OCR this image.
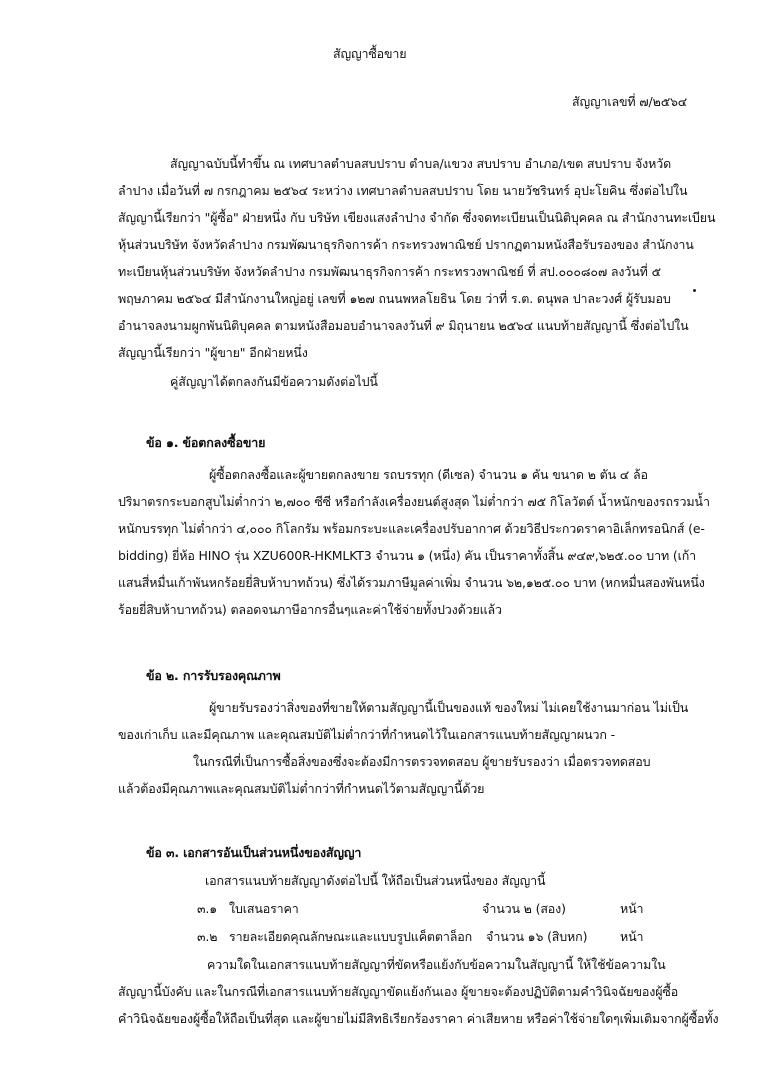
สัญญาซื้อขาย

สัญญาเลขที่ ๗/๒๕๖๔

สัญญาฉบับนี้ทำขึ้น ณ เทศบาลตำบลสบปราบ ตำบล/แขวง สบปราบ อำเภอ/เขต สบปราบ จังหวัด

ลำปาง เมื่อวันที่ ๗ กรกฎาคม ๒๕๖๔ ระหว่าง เทศบาลตำบลสบปราบ โดย นายวัชรินทร์ อุปะโยคิน ซึ่งต่อไปใน

สัญญานี้เรียกว่า "ผู้ซื้อ" ฝ่ายหนึ่ง กับ บริษัท เขียงแสงลำปาง จำกัด ซึ่งจดทะเบียนเป็นนิติบุคคล ณ สำนักงานทะเบียน

หุ้นส่วนบริษัท จังหวัดลำปาง กรมพัฒนาธุรกิจการค้า กระทรวงพาณิชย์ ปรากฏตามหนังสือรับรองของ สำนักงาน

ทะเบียนหุ้นส่วนบริษัท จังหวัดลำปาง กรมพัฒนาธุรกิจการค้า กระทรวงพาณิชย์ ที่ สป.๐๐๐๘๐๗ ลงวันที่ ๕

พฤษภาคม ๒๕๖๔ มีสำนักงานใหญ่อยู่ เลขที่ ๑๒๗ ถนนพหลโยธิน โดย ว่าที่ ร.ต. ดนุพล ปาละวงศ์ ผู้รับมอบ

อำนาจลงนามผูกพันนิติบุคคล ตามหนังสือมอบอำนาจลงวันที่ ๙ มิถุนายน ๒๕๖๔ แนบท้ายสัญญานี้ ซึ่งต่อไปใน

สัญญานี้เรียกว่า "ผู้ขาย" อีกฝ่ายหนึ่ง

คู่สัญญาได้ตกลงกันมีข้อความดังต่อไปนี้

ข้อ ๑. ข้อตกลงซื้อขาย

ผู้ซื้อตกลงซื้อและผู้ขายตกลงขาย รถบรรทุก (ดีเซล) จำนวน ๑ คัน ขนาด ๒ ตัน ๔ ล้อ

ปริมาตรกระบอกสูบไม่ต่ำกว่า ๒,๗๐๐ ซีซี หรือกำลังเครื่องยนต์สูงสุด ไม่ต่ำกว่า ๗๕ กิโลวัตต์ น้ำหนักของรถรวมน้ำ

หนักบรรทุก ไม่ต่ำกว่า ๔,๐๐๐ กิโลกรัม พร้อมกระบะและเครื่องปรับอากาศ ด้วยวิธีประกวดราคาอิเล็กทรอนิกส์ (e-

bidding) ยี่ห้อ HINO รุ่น XZU600R-HKMLKT3 จำนวน ๑ (หนึ่ง) คัน เป็นราคาทั้งสิ้น ๙๔๙,๖๒๕.๐๐ บาท (เก้า

แสนสี่หมื่นเก้าพันหกร้อยยี่สิบห้าบาทถ้วน) ซึ่งได้รวมภาษีมูลค่าเพิ่ม จำนวน ๖๒,๑๒๕.๐๐ บาท (หกหมื่นสองพันหนึ่ง

ร้อยยี่สิบห้าบาทถ้วน) ตลอดจนภาษีอากรอื่นๆและค่าใช้จ่ายทั้งปวงด้วยแล้ว

ข้อ ๒. การรับรองคุณภาพ

ผู้ขายรับรองว่าสิ่งของที่ขายให้ตามสัญญานี้เป็นของแท้ ของใหม่ ไม่เคยใช้งานมาก่อน ไม่เป็น

ของเก่าเก็บ และมีคุณภาพ และคุณสมบัติไม่ต่ำกว่าที่กำหนดไว้ในเอกสารแนบท้ายสัญญาผนวก -

ในกรณีที่เป็นการซื้อสิ่งของซึ่งจะต้องมีการตรวจทดสอบ ผู้ขายรับรองว่า เมื่อตรวจทดสอบ

แล้วต้องมีคุณภาพและคุณสมบัติไม่ต่ำกว่าที่กำหนดไว้ตามสัญญานี้ด้วย

ข้อ ๓. เอกสารอันเป็นส่วนหนึ่งของสัญญา

เอกสารแนบท้ายสัญญาดังต่อไปนี้ ให้ถือเป็นส่วนหนึ่งของ สัญญานี้

๓.๑ ใบเสนอราคา	จำนวน ๒ (สอง)	หน้า

๓.๒ รายละเอียดคุณลักษณะและแบบรูปแค็ตตาล็อก จำนวน ๑๖ (สิบหก)	หน้า

ความใดในเอกสารแนบท้ายสัญญาที่ขัดหรือแย้งกับข้อความในสัญญานี้ ให้ใช้ข้อความใน

สัญญานี้บังคับ และในกรณีที่เอกสารแนบท้ายสัญญาขัดแย้งกันเอง ผู้ขายจะต้องปฏิบัติตามคำวินิจฉัยของผู้ซื้อ

คำวินิจฉัยของผู้ซื้อให้ถือเป็นที่สุด และผู้ขายไม่มีสิทธิเรียกร้องราคา ค่าเสียหาย หรือค่าใช้จ่ายใดๆเพิ่มเติมจากผู้ซื้อทั้ง
